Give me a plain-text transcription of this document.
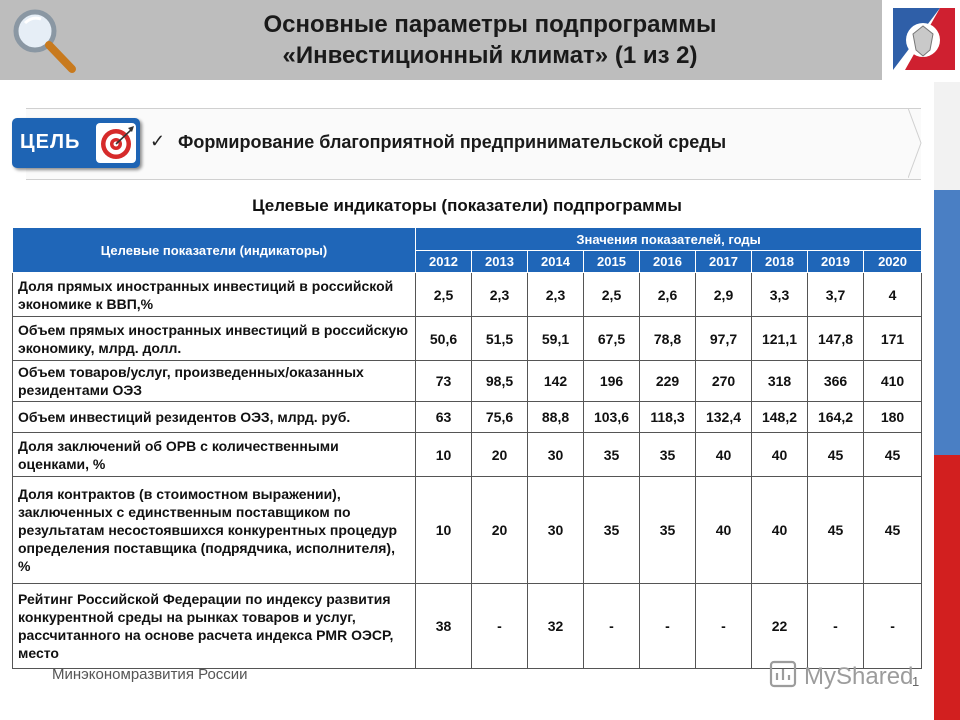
Основные параметры подпрограммы
«Инвестиционный климат» (1 из 2)
ЦЕЛЬ	✓ Формирование благоприятной предпринимательской среды
Целевые индикаторы (показатели) подпрограммы
Целевые показатели (индикаторы)	Значения показателей, годы								
	2012	2013	2014	2015	2016	2017	2018	2019	2020
Доля прямых иностранных инвестиций в российской экономике к ВВП,%	2,5	2,3	2,3	2,5	2,6	2,9	3,3	3,7	4
Объем прямых иностранных инвестиций в российскую экономику, млрд. долл.	50,6	51,5	59,1	67,5	78,8	97,7	121,1	147,8	171
Объем товаров/услуг, произведенных/оказанных резидентами ОЭЗ	73	98,5	142	196	229	270	318	366	410
Объем инвестиций резидентов ОЭЗ, млрд. руб.	63	75,6	88,8	103,6	118,3	132,4	148,2	164,2	180
Доля заключений об ОРВ с количественными оценками, %	10	20	30	35	35	40	40	45	45
Доля контрактов (в стоимостном выражении), заключенных с единственным поставщиком по результатам несостоявшихся конкурентных процедур определения поставщика (подрядчика, исполнителя), %	10	20	30	35	35	40	40	45	45
Рейтинг Российской Федерации по индексу развития конкурентной среды на рынках товаров и услуг, рассчитанного на основе расчета индекса PMR ОЭСР, место	38	-	32	-	-	-	22	-	-
Минэкономразвития России	MyShared
1
